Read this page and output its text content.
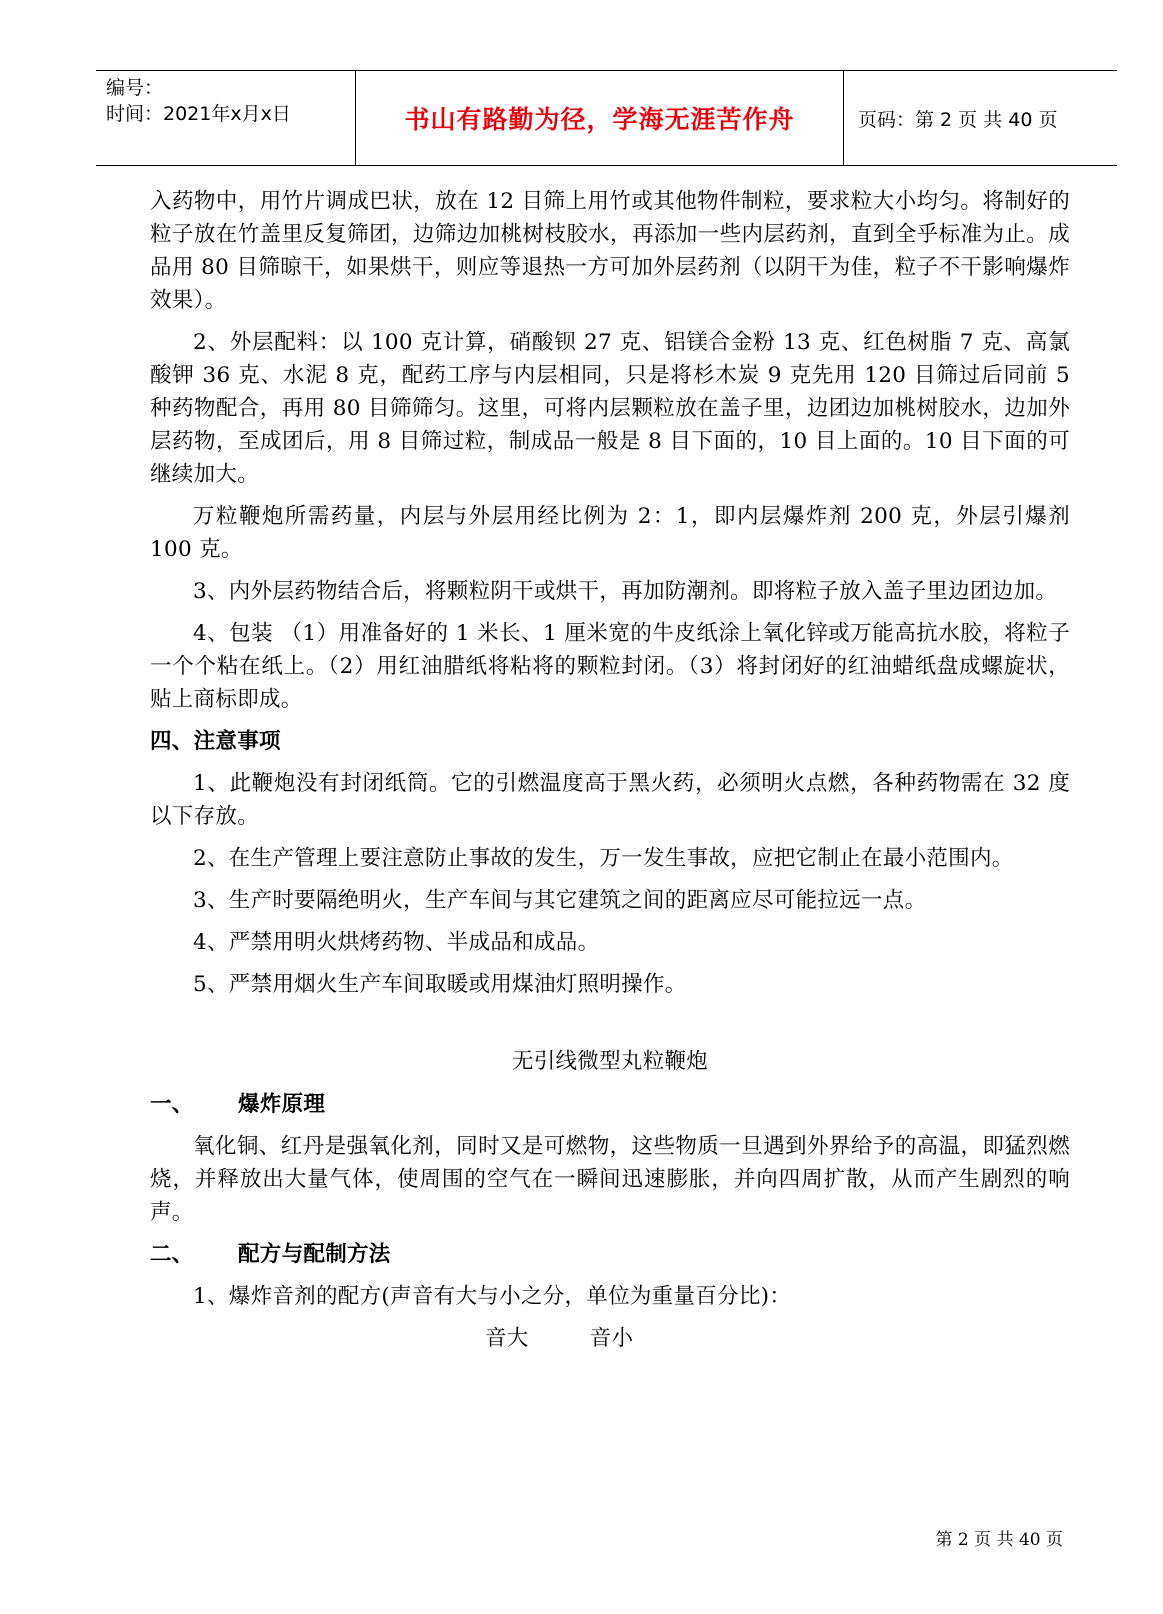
编号：
时间：2021年x月x日	书山有路勤为径，学海无涯苦作舟	页码：第 2 页 共 40 页

入药物中，用竹片调成巴状，放在 12 目筛上用竹或其他物件制粒，要求粒大小均匀。将制好的粒子放在竹盖里反复筛团，边筛边加桃树枝胶水，再添加一些内层药剂，直到全乎标准为止。成品用 80 目筛晾干，如果烘干，则应等退热一方可加外层药剂（以阴干为佳，粒子不干影响爆炸效果）。

2、外层配料：以 100 克计算，硝酸钡 27 克、铝镁合金粉 13 克、红色树脂 7 克、高氯酸钾 36 克、水泥 8 克，配药工序与内层相同，只是将杉木炭 9 克先用 120 目筛过后同前 5 种药物配合，再用 80 目筛筛匀。这里，可将内层颗粒放在盖子里，边团边加桃树胶水，边加外层药物，至成团后，用 8 目筛过粒，制成品一般是 8 目下面的，10 目上面的。10 目下面的可继续加大。

万粒鞭炮所需药量，内层与外层用经比例为 2：1，即内层爆炸剂 200 克，外层引爆剂 100 克。

3、内外层药物结合后，将颗粒阴干或烘干，再加防潮剂。即将粒子放入盖子里边团边加。

4、包装 （1）用准备好的 1 米长、1 厘米宽的牛皮纸涂上氧化锌或万能高抗水胶，将粒子一个个粘在纸上。（2）用红油腊纸将粘将的颗粒封闭。（3）将封闭好的红油蜡纸盘成螺旋状，贴上商标即成。

四、注意事项

1、此鞭炮没有封闭纸筒。它的引燃温度高于黑火药，必须明火点燃，各种药物需在 32 度以下存放。

2、在生产管理上要注意防止事故的发生，万一发生事故，应把它制止在最小范围内。

3、生产时要隔绝明火，生产车间与其它建筑之间的距离应尽可能拉远一点。

4、严禁用明火烘烤药物、半成品和成品。

5、严禁用烟火生产车间取暖或用煤油灯照明操作。

无引线微型丸粒鞭炮
一、 爆炸原理

氧化铜、红丹是强氧化剂，同时又是可燃物，这些物质一旦遇到外界给予的高温，即猛烈燃烧，并释放出大量气体，使周围的空气在一瞬间迅速膨胀，并向四周扩散，从而产生剧烈的响声。

二、 配方与配制方法

1、爆炸音剂的配方(声音有大与小之分，单位为重量百分比)：

音大	音小
第 2 页 共 40 页
